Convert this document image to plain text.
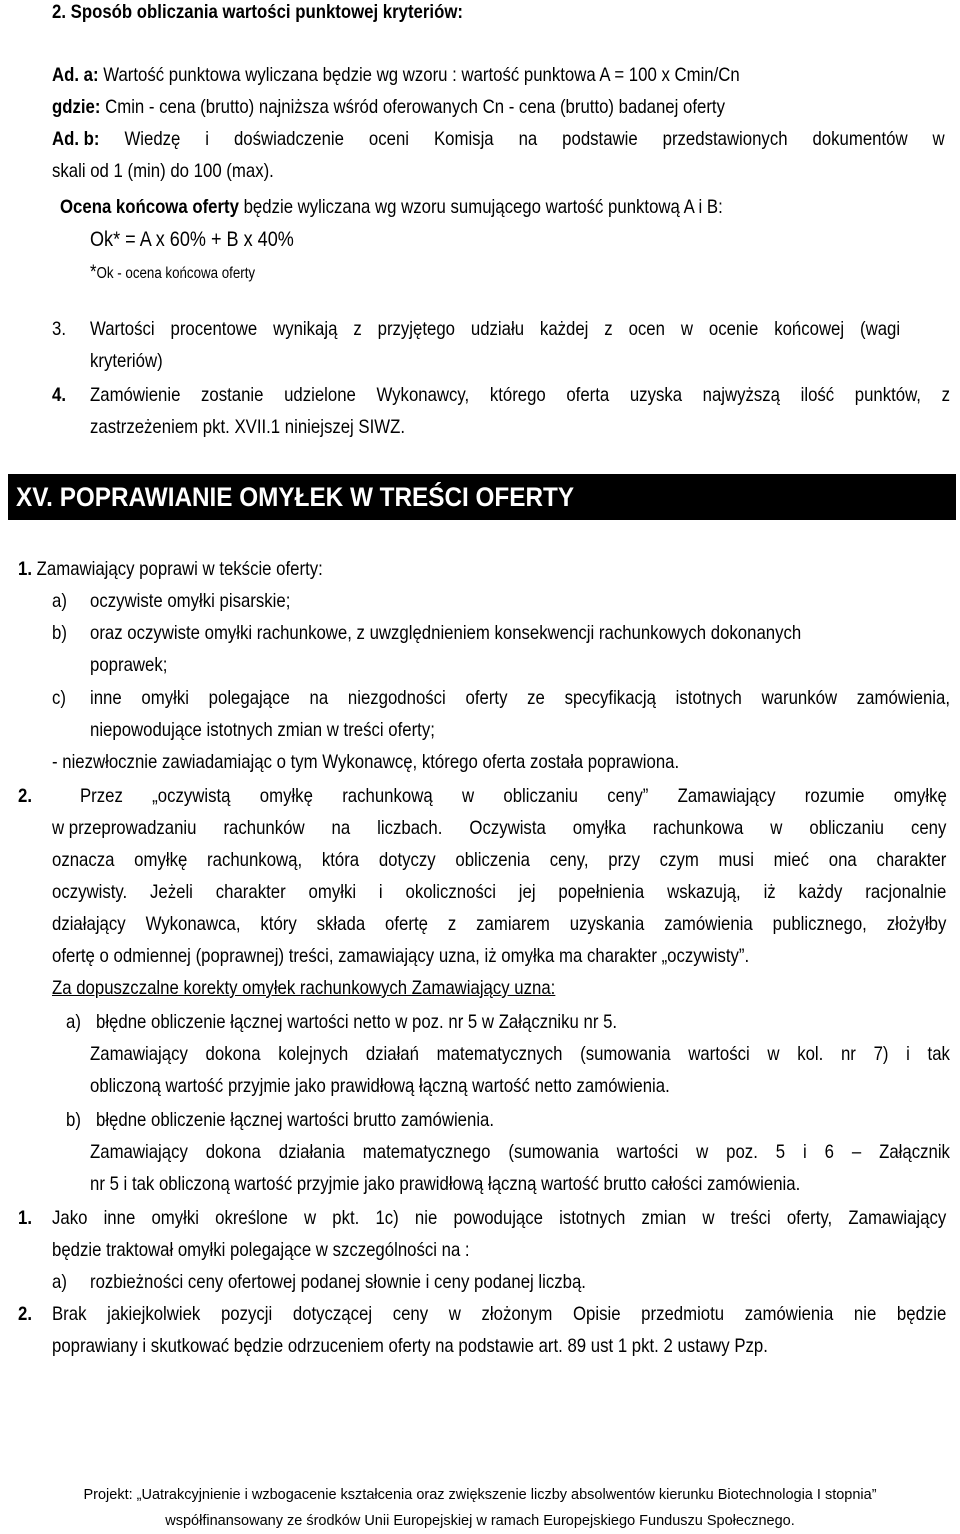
2. Sposób obliczania wartości punktowej kryteriów:
Ad. a: Wartość punktowa wyliczana będzie wg wzoru : wartość punktowa A = 100 x Cmin/Cn
gdzie: Cmin - cena (brutto) najniższa wśród oferowanych Cn - cena (brutto) badanej oferty
Ad. b: Wiedzę i doświadczenie oceni Komisja na podstawie przedstawionych dokumentów w
skali od 1 (min) do 100 (max).
Ocena końcowa oferty będzie wyliczana wg wzoru sumującego wartość punktową A i B:
Ok* = A x 60% + B x 40%
*Ok - ocena końcowa oferty
3. Wartości procentowe wynikają z przyjętego udziału każdej z ocen w ocenie końcowej (wagi
kryteriów)
4. Zamówienie zostanie udzielone Wykonawcy, którego oferta uzyska najwyższą ilość punktów, z
zastrzeżeniem pkt. XVII.1 niniejszej SIWZ.
XV. POPRAWIANIE OMYŁEK W TREŚCI OFERTY
1. Zamawiający poprawi w tekście oferty:
a) oczywiste omyłki pisarskie;
b) oraz oczywiste omyłki rachunkowe, z uwzględnieniem konsekwencji rachunkowych dokonanych
poprawek;
c) inne omyłki polegające na niezgodności oferty ze specyfikacją istotnych warunków zamówienia,
niepowodujące istotnych zmian w treści oferty;
- niezwłocznie zawiadamiając o tym Wykonawcę, którego oferta została poprawiona.
2. Przez „oczywistą omyłkę rachunkową w obliczaniu ceny” Zamawiający rozumie omyłkę
w przeprowadzaniu rachunków na liczbach. Oczywista omyłka rachunkowa w obliczaniu ceny
oznacza omyłkę rachunkową, która dotyczy obliczenia ceny, przy czym musi mieć ona charakter
oczywisty. Jeżeli charakter omyłki i okoliczności jej popełnienia wskazują, iż każdy racjonalnie
działający Wykonawca, który składa ofertę z zamiarem uzyskania zamówienia publicznego, złożyłby
ofertę o odmiennej (poprawnej) treści, zamawiający uzna, iż omyłka ma charakter „oczywisty”.
Za dopuszczalne korekty omyłek rachunkowych Zamawiający uzna:
a) błędne obliczenie łącznej wartości netto w poz. nr 5 w Załączniku nr 5.
Zamawiający dokona kolejnych działań matematycznych (sumowania wartości w kol. nr 7) i tak
obliczoną wartość przyjmie jako prawidłową łączną wartość netto zamówienia.
b) błędne obliczenie łącznej wartości brutto zamówienia.
Zamawiający dokona działania matematycznego (sumowania wartości w poz. 5 i 6 – Załącznik
nr 5 i tak obliczoną wartość przyjmie jako prawidłową łączną wartość brutto całości zamówienia.
1. Jako inne omyłki określone w pkt. 1c) nie powodujące istotnych zmian w treści oferty, Zamawiający
będzie traktował omyłki polegające w szczególności na :
a) rozbieżności ceny ofertowej podanej słownie i ceny podanej liczbą.
2. Brak jakiejkolwiek pozycji dotyczącej ceny w złożonym Opisie przedmiotu zamówienia nie będzie
poprawiany i skutkować będzie odrzuceniem oferty na podstawie art. 89 ust 1 pkt. 2 ustawy Pzp.
Projekt: „Uatrakcyjnienie i wzbogacenie kształcenia oraz zwiększenie liczby absolwentów kierunku Biotechnologia I stopnia”
współfinansowany ze środków Unii Europejskiej w ramach Europejskiego Funduszu Społecznego.
